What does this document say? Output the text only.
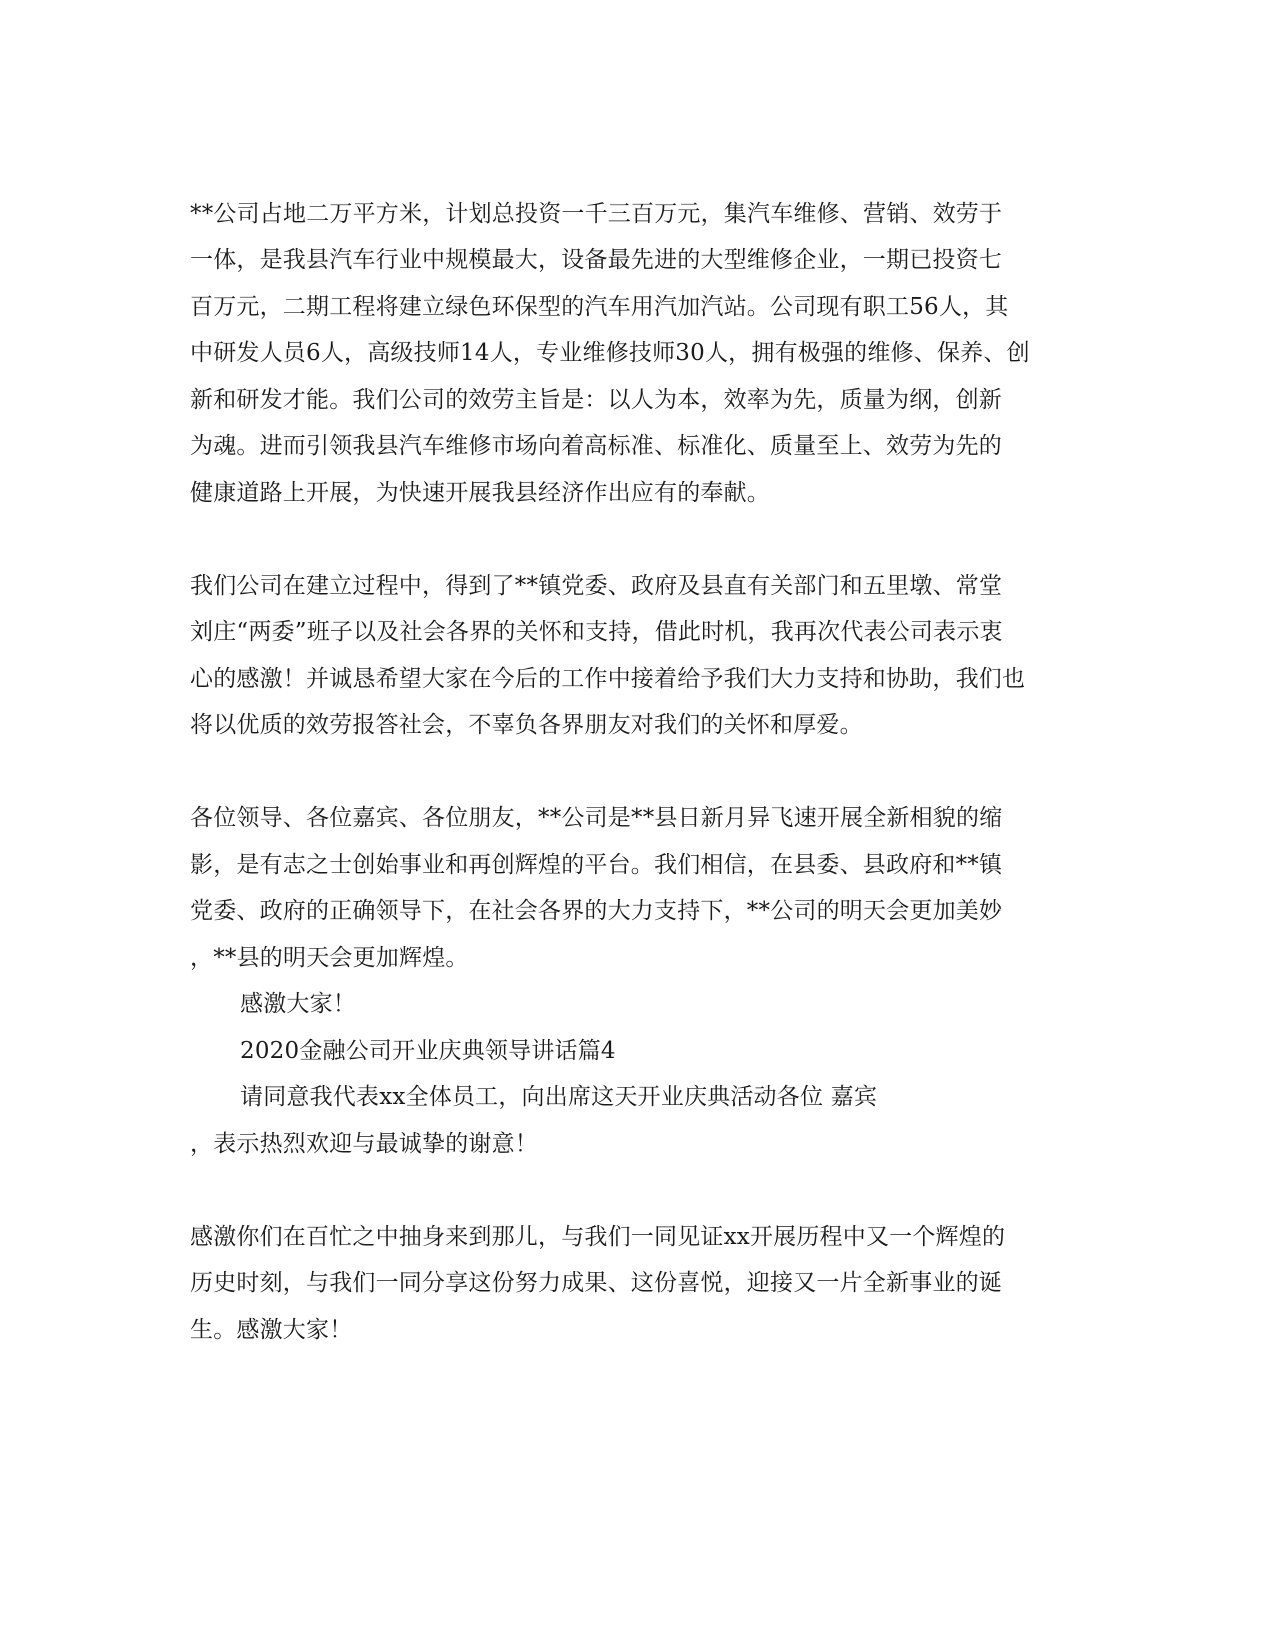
**公司占地二万平方米，计划总投资一千三百万元，集汽车维修、营销、效劳于

一体，是我县汽车行业中规模最大，设备最先进的大型维修企业，一期已投资七

百万元，二期工程将建立绿色环保型的汽车用汽加汽站。公司现有职工56人，其

中研发人员6人，高级技师14人，专业维修技师30人，拥有极强的维修、保养、创

新和研发才能。我们公司的效劳主旨是：以人为本，效率为先，质量为纲，创新

为魂。进而引领我县汽车维修市场向着高标准、标准化、质量至上、效劳为先的

健康道路上开展，为快速开展我县经济作出应有的奉献。

我们公司在建立过程中，得到了**镇党委、政府及县直有关部门和五里墩、常堂

刘庄“两委”班子以及社会各界的关怀和支持，借此时机，我再次代表公司表示衷

心的感激！并诚恳希望大家在今后的工作中接着给予我们大力支持和协助，我们也

将以优质的效劳报答社会，不辜负各界朋友对我们的关怀和厚爱。

各位领导、各位嘉宾、各位朋友，**公司是**县日新月异飞速开展全新相貌的缩

影，是有志之士创始事业和再创辉煌的平台。我们相信，在县委、县政府和**镇

党委、政府的正确领导下，在社会各界的大力支持下，**公司的明天会更加美妙

，**县的明天会更加辉煌。

感激大家！

2020金融公司开业庆典领导讲话篇4

请同意我代表xx全体员工，向出席这天开业庆典活动各位 嘉宾

，表示热烈欢迎与最诚挚的谢意！

感激你们在百忙之中抽身来到那儿，与我们一同见证xx开展历程中又一个辉煌的

历史时刻，与我们一同分享这份努力成果、这份喜悦，迎接又一片全新事业的诞

生。感激大家！
